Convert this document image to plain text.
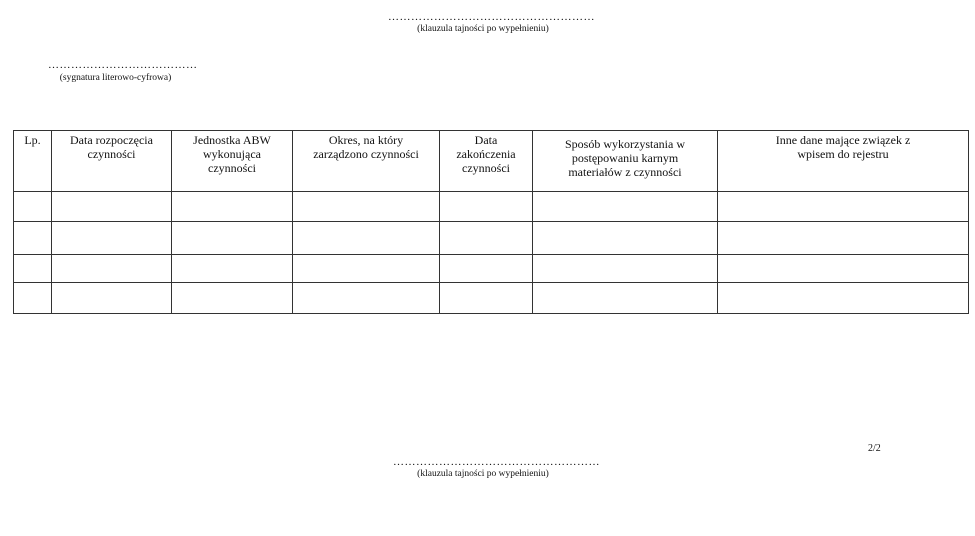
………………………………………………
(klauzula tajności po wypełnieniu)
…………………………………
(sygnatura literowo-cyfrowa)
Lp.	Data rozpoczęcia czynności	Jednostka ABW wykonująca czynności	Okres, na który zarządzono czynności	Data zakończenia czynności	Sposób wykorzystania w postępowaniu karnym materiałów z czynności	Inne dane mające związek z wpisem do rejestru

2/2
………………………………………………
(klauzula tajności po wypełnieniu)
